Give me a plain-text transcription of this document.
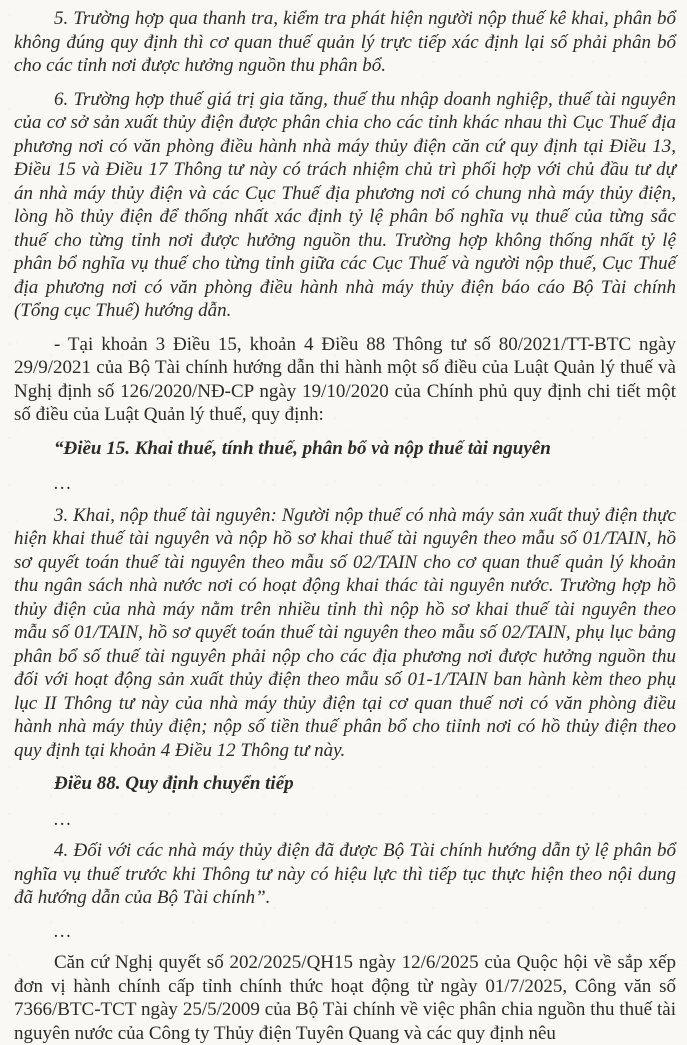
5. Trường hợp qua thanh tra, kiểm tra phát hiện người nộp thuế kê khai, phân bổ không đúng quy định thì cơ quan thuế quản lý trực tiếp xác định lại số phải phân bổ cho các tỉnh nơi được hưởng nguồn thu phân bổ.

6. Trường hợp thuế giá trị gia tăng, thuế thu nhập doanh nghiệp, thuế tài nguyên của cơ sở sản xuất thủy điện được phân chia cho các tỉnh khác nhau thì Cục Thuế địa phương nơi có văn phòng điều hành nhà máy thủy điện căn cứ quy định tại Điều 13, Điều 15 và Điều 17 Thông tư này có trách nhiệm chủ trì phối hợp với chủ đầu tư dự án nhà máy thủy điện và các Cục Thuế địa phương nơi có chung nhà máy thủy điện, lòng hồ thủy điện để thống nhất xác định tỷ lệ phân bổ nghĩa vụ thuế của từng sắc thuế cho từng tỉnh nơi được hưởng nguồn thu. Trường hợp không thống nhất tỷ lệ phân bổ nghĩa vụ thuế cho từng tỉnh giữa các Cục Thuế và người nộp thuế, Cục Thuế địa phương nơi có văn phòng điều hành nhà máy thủy điện báo cáo Bộ Tài chính (Tổng cục Thuế) hướng dẫn.

- Tại khoản 3 Điều 15, khoản 4 Điều 88 Thông tư số 80/2021/TT-BTC ngày 29/9/2021 của Bộ Tài chính hướng dẫn thi hành một số điều của Luật Quản lý thuế và Nghị định số 126/2020/NĐ-CP ngày 19/10/2020 của Chính phủ quy định chi tiết một số điều của Luật Quản lý thuế, quy định:

“Điều 15. Khai thuế, tính thuế, phân bổ và nộp thuế tài nguyên

...

3. Khai, nộp thuế tài nguyên: Người nộp thuế có nhà máy sản xuất thuỷ điện thực hiện khai thuế tài nguyên và nộp hồ sơ khai thuế tài nguyên theo mẫu số 01/TAIN, hồ sơ quyết toán thuế tài nguyên theo mẫu số 02/TAIN cho cơ quan thuế quản lý khoản thu ngân sách nhà nước nơi có hoạt động khai thác tài nguyên nước. Trường hợp hồ thủy điện của nhà máy nằm trên nhiều tỉnh thì nộp hồ sơ khai thuế tài nguyên theo mẫu số 01/TAIN, hồ sơ quyết toán thuế tài nguyên theo mẫu số 02/TAIN, phụ lục bảng phân bổ số thuế tài nguyên phải nộp cho các địa phương nơi được hưởng nguồn thu đối với hoạt động sản xuất thủy điện theo mẫu số 01-1/TAIN ban hành kèm theo phụ lục II Thông tư này của nhà máy thủy điện tại cơ quan thuế nơi có văn phòng điều hành nhà máy thủy điện; nộp số tiền thuế phân bổ cho tiỉnh nơi có hồ thủy điện theo quy định tại khoản 4 Điều 12 Thông tư này.

Điều 88. Quy định chuyển tiếp

...

4. Đối với các nhà máy thủy điện đã được Bộ Tài chính hướng dẫn tỷ lệ phân bổ nghĩa vụ thuế trước khi Thông tư này có hiệu lực thì tiếp tục thực hiện theo nội dung đã hướng dẫn của Bộ Tài chính”.

...

Căn cứ Nghị quyết số 202/2025/QH15 ngày 12/6/2025 của Quộc hội về sắp xếp đơn vị hành chính cấp tỉnh chính thức hoạt động từ ngày 01/7/2025, Công văn số 7366/BTC-TCT ngày 25/5/2009 của Bộ Tài chính về việc phân chia nguồn thu thuế tài nguyên nước của Công ty Thủy điện Tuyên Quang và các quy định nêu
